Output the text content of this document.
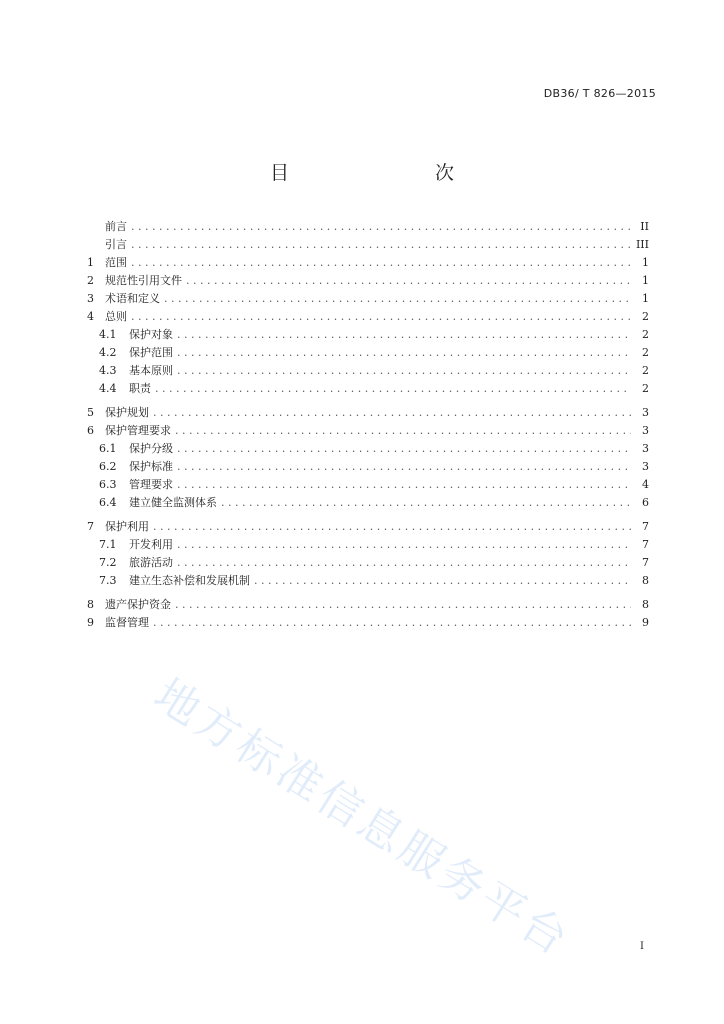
DB36/ T 826—2015
目　　次
前言 . . .	II
引言 . . .	III
1	范围 . . .	1
2	规范性引用文件 . . .	1
3	术语和定义 . . .	1
4	总则 . . .	2
4.1	保护对象 . . .	2
4.2	保护范围 . . .	2
4.3	基本原则 . . .	2
4.4	职责 . . .	2
5	保护规划 . . .	3
6	保护管理要求 . . .	3
6.1	保护分级 . . .	3
6.2	保护标准 . . .	3
6.3	管理要求 . . .	4
6.4	建立健全监测体系 . . .	6
7	保护利用 . . .	7
7.1	开发利用 . . .	7
7.2	旅游活动 . . .	7
7.3	建立生态补偿和发展机制 . . .	8
8	遗产保护资金 . . .	8
9	监督管理 . . .	9
地方标准信息服务平台	I
